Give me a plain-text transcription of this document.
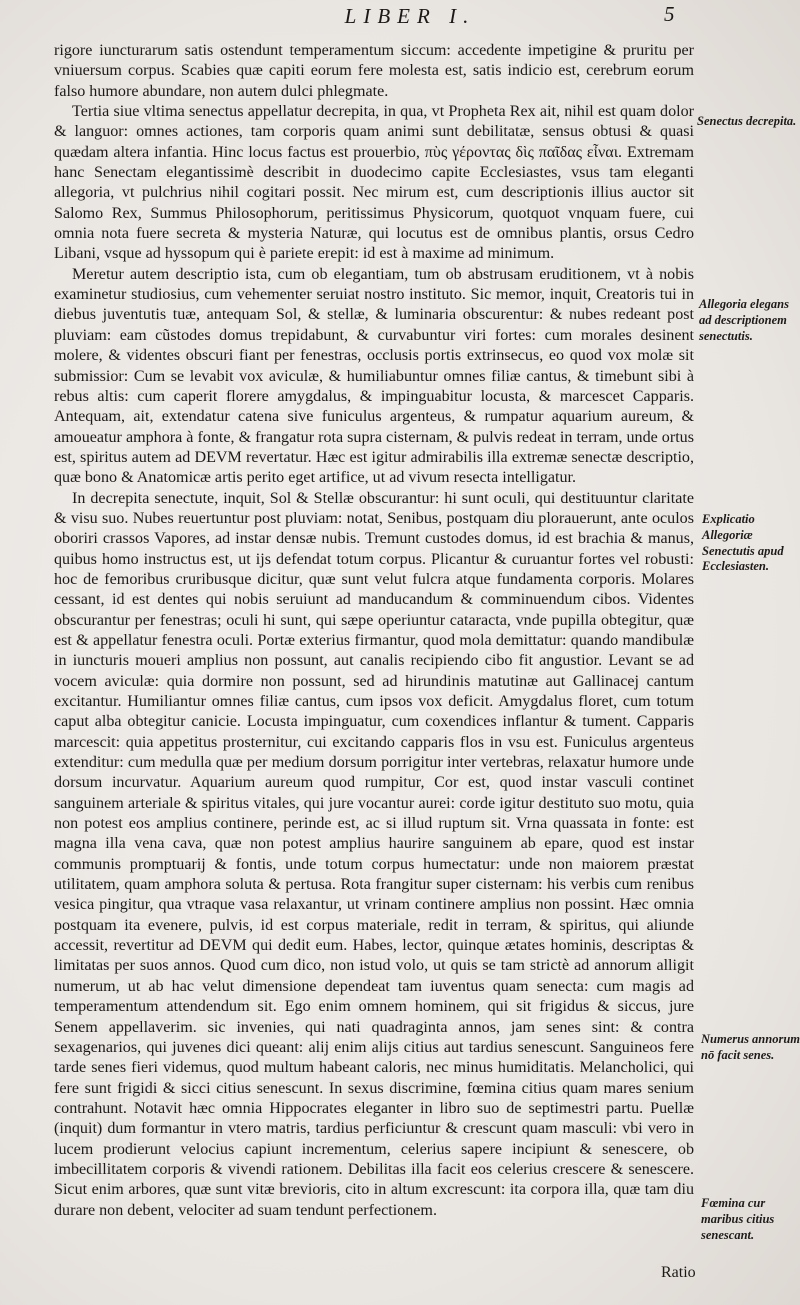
LIBER I.	5

rigore iuncturarum satis ostendunt temperamentum siccum: accedente impetigine & pruritu per vniuersum corpus. Scabies quæ capiti eorum fere molesta est, satis indicio est, cerebrum eorum falso humore abundare, non autem dulci phlegmate.

Tertia siue vltima senectus appellatur decrepita, in qua, vt Propheta Rex ait, nihil est quam dolor & languor: omnes actiones, tam corporis quam animi sunt debilitatæ, sensus obtusi & quasi quædam altera infantia. Hinc locus factus est prouerbio, πὺς γέροντας δὶς παῖδας εἶναι. Extremam hanc Senectam elegantissimè describit in duodecimo capite Ecclesiastes, vsus tam eleganti allegoria, vt pulchrius nihil cogitari possit. Nec mirum est, cum descriptionis illius auctor sit Salomo Rex, Summus Philosophorum, peritissimus Physicorum, quotquot vnquam fuere, cui omnia nota fuere secreta & mysteria Naturæ, qui locutus est de omnibus plantis, orsus Cedro Libani, vsque ad hyssopum qui è pariete erepit: id est à maxime ad minimum.

Meretur autem descriptio ista, cum ob elegantiam, tum ob abstrusam eruditionem, vt à nobis examinetur studiosius, cum vehementer seruiat nostro instituto. Sic memor, inquit, Creatoris tui in diebus juventutis tuæ, antequam Sol, & stellæ, & luminaria obscurentur: & nubes redeant post pluviam: eam cũstodes domus trepidabunt, & curvabuntur viri fortes: cum morales desinent molere, & videntes obscuri fiant per fenestras, occlusis portis extrinsecus, eo quod vox molæ sit submissior: Cum se levabit vox aviculæ, & humiliabuntur omnes filiæ cantus, & timebunt sibi à rebus altis: cum caperit florere amygdalus, & impinguabitur locusta, & marcescet Capparis. Antequam, ait, extendatur catena sive funiculus argenteus, & rumpatur aquarium aureum, & amoueatur amphora à fonte, & frangatur rota supra cisternam, & pulvis redeat in terram, unde ortus est, spiritus autem ad DEVM revertatur. Hæc est igitur admirabilis illa extremæ senectæ descriptio, quæ bono & Anatomicæ artis perito eget artifice, ut ad vivum resecta intelligatur.

In decrepita senectute, inquit, Sol & Stellæ obscurantur: hi sunt oculi, qui destituuntur claritate & visu suo. Nubes reuertuntur post pluviam: notat, Senibus, postquam diu plorauerunt, ante oculos oboriri crassos Vapores, ad instar densæ nubis. Tremunt custodes domus, id est brachia & manus, quibus homo instructus est, ut ijs defendat totum corpus. Plicantur & curuantur fortes vel robusti: hoc de femoribus cruribusque dicitur, quæ sunt velut fulcra atque fundamenta corporis. Molares cessant, id est dentes qui nobis seruiunt ad manducandum & comminuendum cibos. Videntes obscurantur per fenestras; oculi hi sunt, qui sæpe operiuntur cataracta, vnde pupilla obtegitur, quæ est & appellatur fenestra oculi. Portæ exterius firmantur, quod mola demittatur: quando mandibulæ in iuncturis moueri amplius non possunt, aut canalis recipiendo cibo fit angustior. Levant se ad vocem aviculæ: quia dormire non possunt, sed ad hirundinis matutinæ aut Gallinacej cantum excitantur. Humiliantur omnes filiæ cantus, cum ipsos vox deficit. Amygdalus floret, cum totum caput alba obtegitur canicie. Locusta impinguatur, cum coxendices inflantur & tument. Capparis marcescit: quia appetitus prosternitur, cui excitando capparis flos in vsu est. Funiculus argenteus extenditur: cum medulla quæ per medium dorsum porrigitur inter vertebras, relaxatur humore unde dorsum incurvatur. Aquarium aureum quod rumpitur, Cor est, quod instar vasculi continet sanguinem arteriale & spiritus vitales, qui jure vocantur aurei: corde igitur destituto suo motu, quia non potest eos amplius continere, perinde est, ac si illud ruptum sit. Vrna quassata in fonte: est magna illa vena cava, quæ non potest amplius haurire sanguinem ab epare, quod est instar communis promptuarij & fontis, unde totum corpus humectatur: unde non maiorem præstat utilitatem, quam amphora soluta & pertusa. Rota frangitur super cisternam: his verbis cum renibus vesica pingitur, qua vtraque vasa relaxantur, ut vrinam continere amplius non possint. Hæc omnia postquam ita evenere, pulvis, id est corpus materiale, redit in terram, & spiritus, qui aliunde accessit, revertitur ad DEVM qui dedit eum. Habes, lector, quinque ætates hominis, descriptas & limitatas per suos annos. Quod cum dico, non istud volo, ut quis se tam strictè ad annorum alligit numerum, ut ab hac velut dimensione dependeat tam iuventus quam senecta: cum magis ad temperamentum attendendum sit. Ego enim omnem hominem, qui sit frigidus & siccus, jure Senem appellaverim. sic invenies, qui nati quadraginta annos, jam senes sint: & contra sexagenarios, qui juvenes dici queant: alij enim alijs citius aut tardius senescunt. Sanguineos fere tarde senes fieri videmus, quod multum habeant caloris, nec minus humiditatis. Melancholici, qui fere sunt frigidi & sicci citius senescunt. In sexus discrimine, fœmina citius quam mares senium contrahunt. Notavit hæc omnia Hippocrates eleganter in libro suo de septimestri partu. Puellæ (inquit) dum formantur in vtero matris, tardius perficiuntur & crescunt quam masculi: vbi vero in lucem prodierunt velocius capiunt incrementum, celerius sapere incipiunt & senescere, ob imbecillitatem corporis & vivendi rationem. Debilitas illa facit eos celerius crescere & senescere. Sicut enim arbores, quæ sunt vitæ brevioris, cito in altum excrescunt: ita corpora illa, quæ tam diu durare non debent, velociter ad suam tendunt perfectionem.

Senectus decrepita.
Allegoria elegans ad descriptionem senectutis.
Explicatio Allegoriæ Senectutis apud Ecclesiasten.
Numerus annorum nō facit senes.
Fœmina cur maribus citius senescant.
Ratio
